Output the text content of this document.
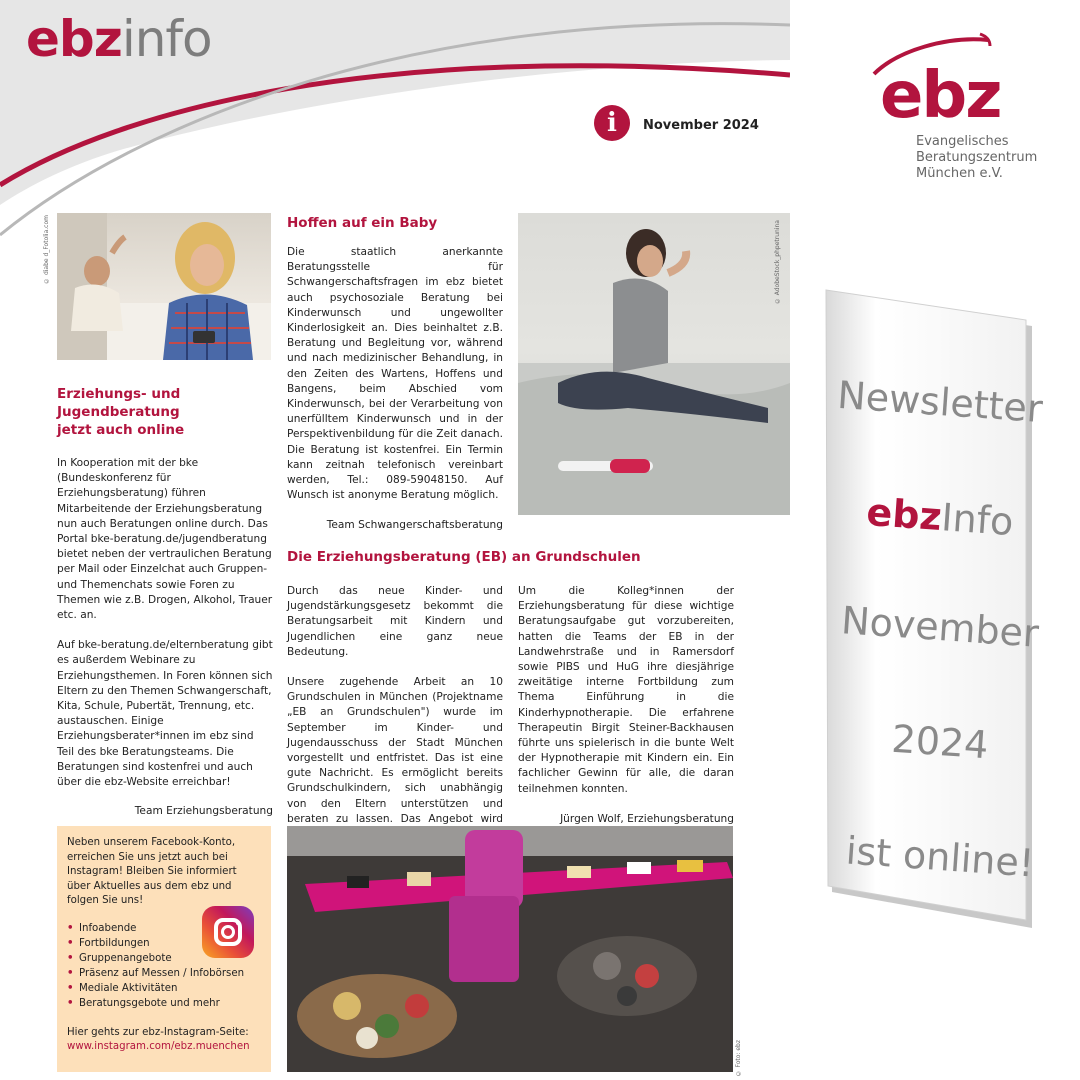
ebzinfo
i	November 2024 ebz
Evangelisches
Beratungszentrum
München e.V.
© diabe d_Fotolia.com
Erziehungs- und Jugendberatung
jetzt auch online

In Kooperation mit der bke (Bundeskonferenz für Erziehungsberatung) führen Mitarbeitende der Erziehungsberatung nun auch Beratungen online durch. Das Portal bke-beratung.de/jugendberatung bietet neben der vertraulichen Beratung per Mail oder Einzelchat auch Gruppen- und Themenchats sowie Foren zu Themen wie z.B. Drogen, Alkohol, Trauer etc. an.

Auf bke-beratung.de/elternberatung gibt es außerdem Webinare zu Erziehungsthemen. In Foren können sich Eltern zu den Themen Schwangerschaft, Kita, Schule, Pubertät, Trennung, etc. austauschen. Einige Erziehungsberater*innen im ebz sind Teil des bke Beratungsteams. Die Beratungen sind kostenfrei und auch über die ebz-Website erreichbar!

Team Erziehungsberatung

Hoffen auf ein Baby

Die staatlich anerkannte Beratungsstelle für Schwangerschaftsfragen im ebz bietet auch psychosoziale Beratung bei Kinderwunsch und ungewollter Kinderlosigkeit an. Dies beinhaltet z.B. Beratung und Begleitung vor, während und nach medizinischer Behandlung, in den Zeiten des Wartens, Hoffens und Bangens, beim Abschied vom Kinderwunsch, bei der Verarbeitung von unerfülltem Kinderwunsch und in der Perspektivenbildung für die Zeit danach. Die Beratung ist kostenfrei. Ein Termin kann zeitnah telefonisch vereinbart werden, Tel.: 089-59048150. Auf Wunsch ist anonyme Beratung möglich.

Team Schwangerschaftsberatung

© AdobeStock_phpetrunina
Die Erziehungsberatung (EB) an Grundschulen

Durch das neue Kinder- und Jugendstärkungsgesetz bekommt die Beratungsarbeit mit Kindern und Jugendlichen eine ganz neue Bedeutung.

Unsere zugehende Arbeit an 10 Grundschulen in München (Projektname „EB an Grundschulen") wurde im September im Kinder- und Jugendausschuss der Stadt München vorgestellt und entfristet. Das ist eine gute Nachricht. Es ermöglicht bereits Grundschulkindern, sich unabhängig von den Eltern unterstützen und beraten zu lassen. Das Angebot wird

Um die Kolleg*innen der Erziehungsberatung für diese wichtige Beratungsaufgabe gut vorzubereiten, hatten die Teams der EB in der Landwehrstraße und in Ramersdorf sowie PIBS und HuG ihre diesjährige zweitätige interne Fortbildung zum Thema Einführung in die Kinderhypnotherapie. Die erfahrene Therapeutin Birgit Steiner-Backhausen führte uns spielerisch in die bunte Welt der Hypnotherapie mit Kindern ein. Ein fachlicher Gewinn für alle, die daran teilnehmen konnten.

Jürgen Wolf, Erziehungsberatung

Neben unserem Facebook-Konto, erreichen Sie uns jetzt auch bei Instagram! Bleiben Sie informiert über Aktuelles aus dem ebz und folgen Sie uns!

• Infoabende
• Fortbildungen
• Gruppenangebote
• Präsenz auf Messen / Infobörsen
• Mediale Aktivitäten
• Beratungsgebote und mehr

Hier gehts zur ebz-Instagram-Seite:

www.instagram.com/ebz.muenchen	© Foto: ebz
Newsletter
ebzInfo
November
2024
ist online!
